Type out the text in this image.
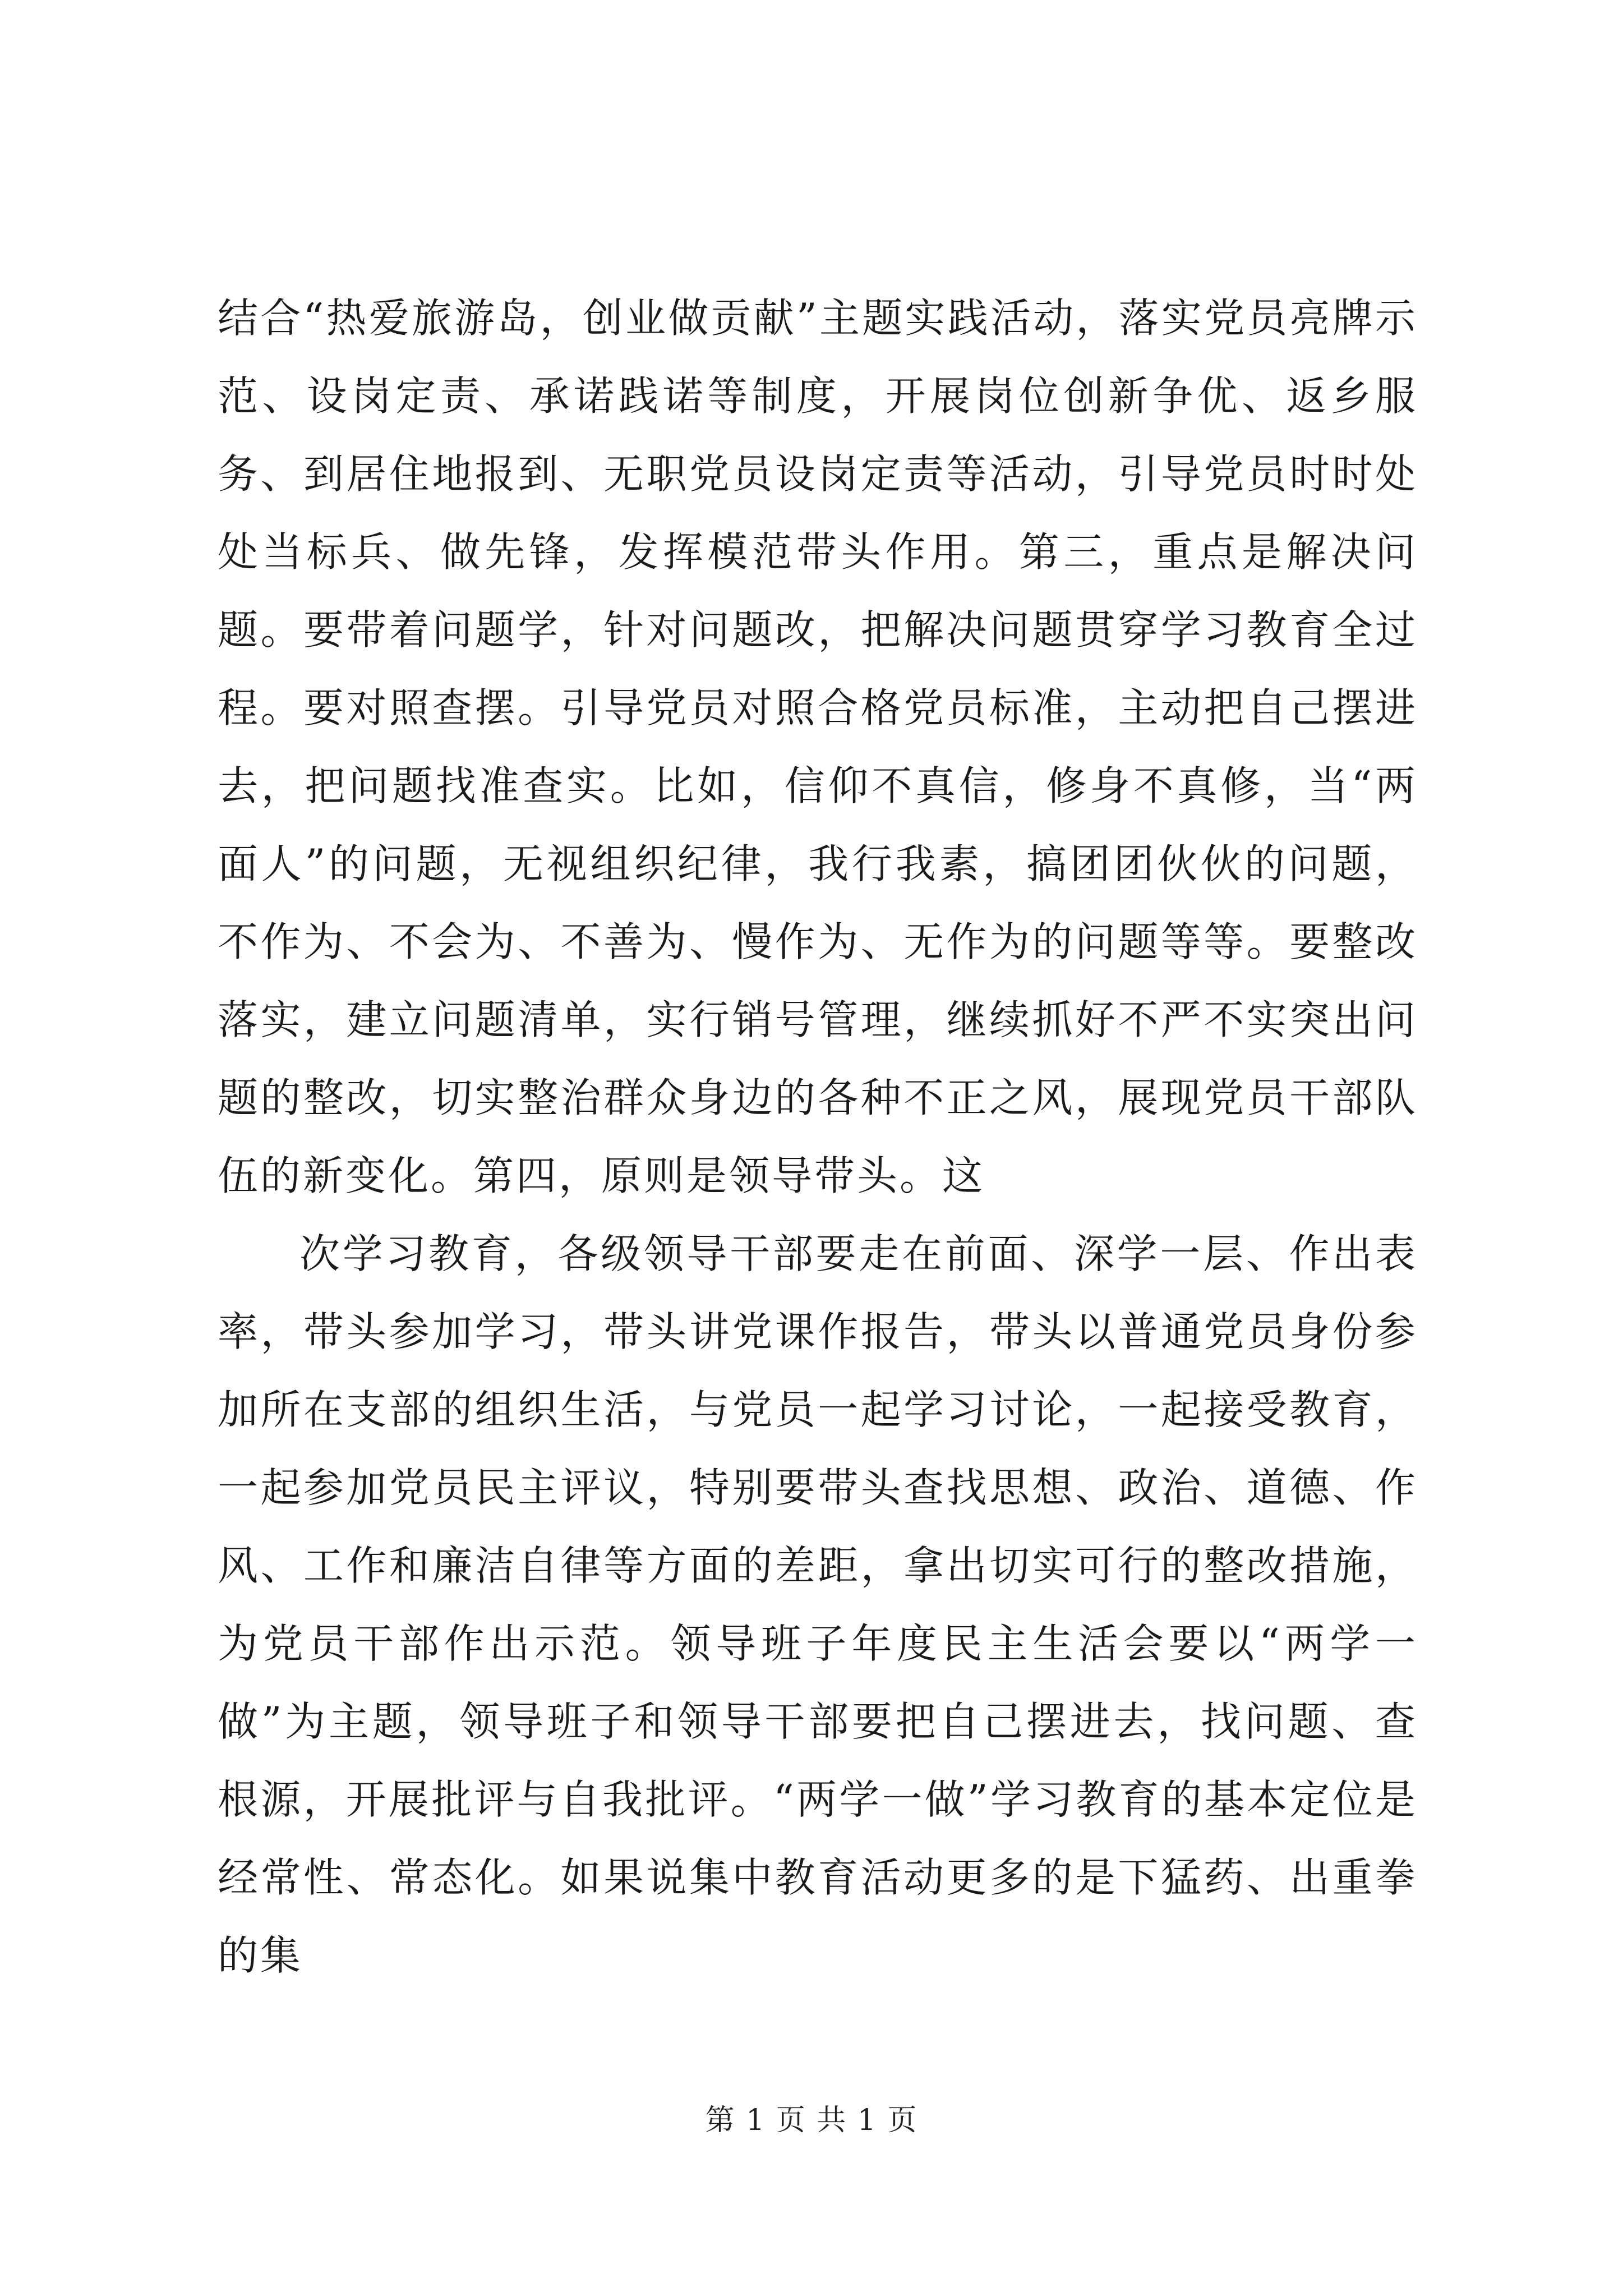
结合“热爱旅游岛，创业做贡献”主题实践活动，落实党员亮牌示范、设岗定责、承诺践诺等制度，开展岗位创新争优、返乡服务、到居住地报到、无职党员设岗定责等活动，引导党员时时处处当标兵、做先锋，发挥模范带头作用。第三，重点是解决问题。要带着问题学，针对问题改，把解决问题贯穿学习教育全过程。要对照查摆。引导党员对照合格党员标准，主动把自己摆进去，把问题找准查实。比如，信仰不真信，修身不真修，当“两面人”的问题，无视组织纪律，我行我素，搞团团伙伙的问题，不作为、不会为、不善为、慢作为、无作为的问题等等。要整改落实，建立问题清单，实行销号管理，继续抓好不严不实突出问题的整改，切实整治群众身边的各种不正之风，展现党员干部队伍的新变化。第四，原则是领导带头。这

次学习教育，各级领导干部要走在前面、深学一层、作出表率，带头参加学习，带头讲党课作报告，带头以普通党员身份参加所在支部的组织生活，与党员一起学习讨论，一起接受教育，一起参加党员民主评议，特别要带头查找思想、政治、道德、作风、工作和廉洁自律等方面的差距，拿出切实可行的整改措施，为党员干部作出示范。领导班子年度民主生活会要以“两学一做”为主题，领导班子和领导干部要把自己摆进去，找问题、查根源，开展批评与自我批评。“两学一做”学习教育的基本定位是经常性、常态化。如果说集中教育活动更多的是下猛药、出重拳的集

第 1 页 共 1 页
